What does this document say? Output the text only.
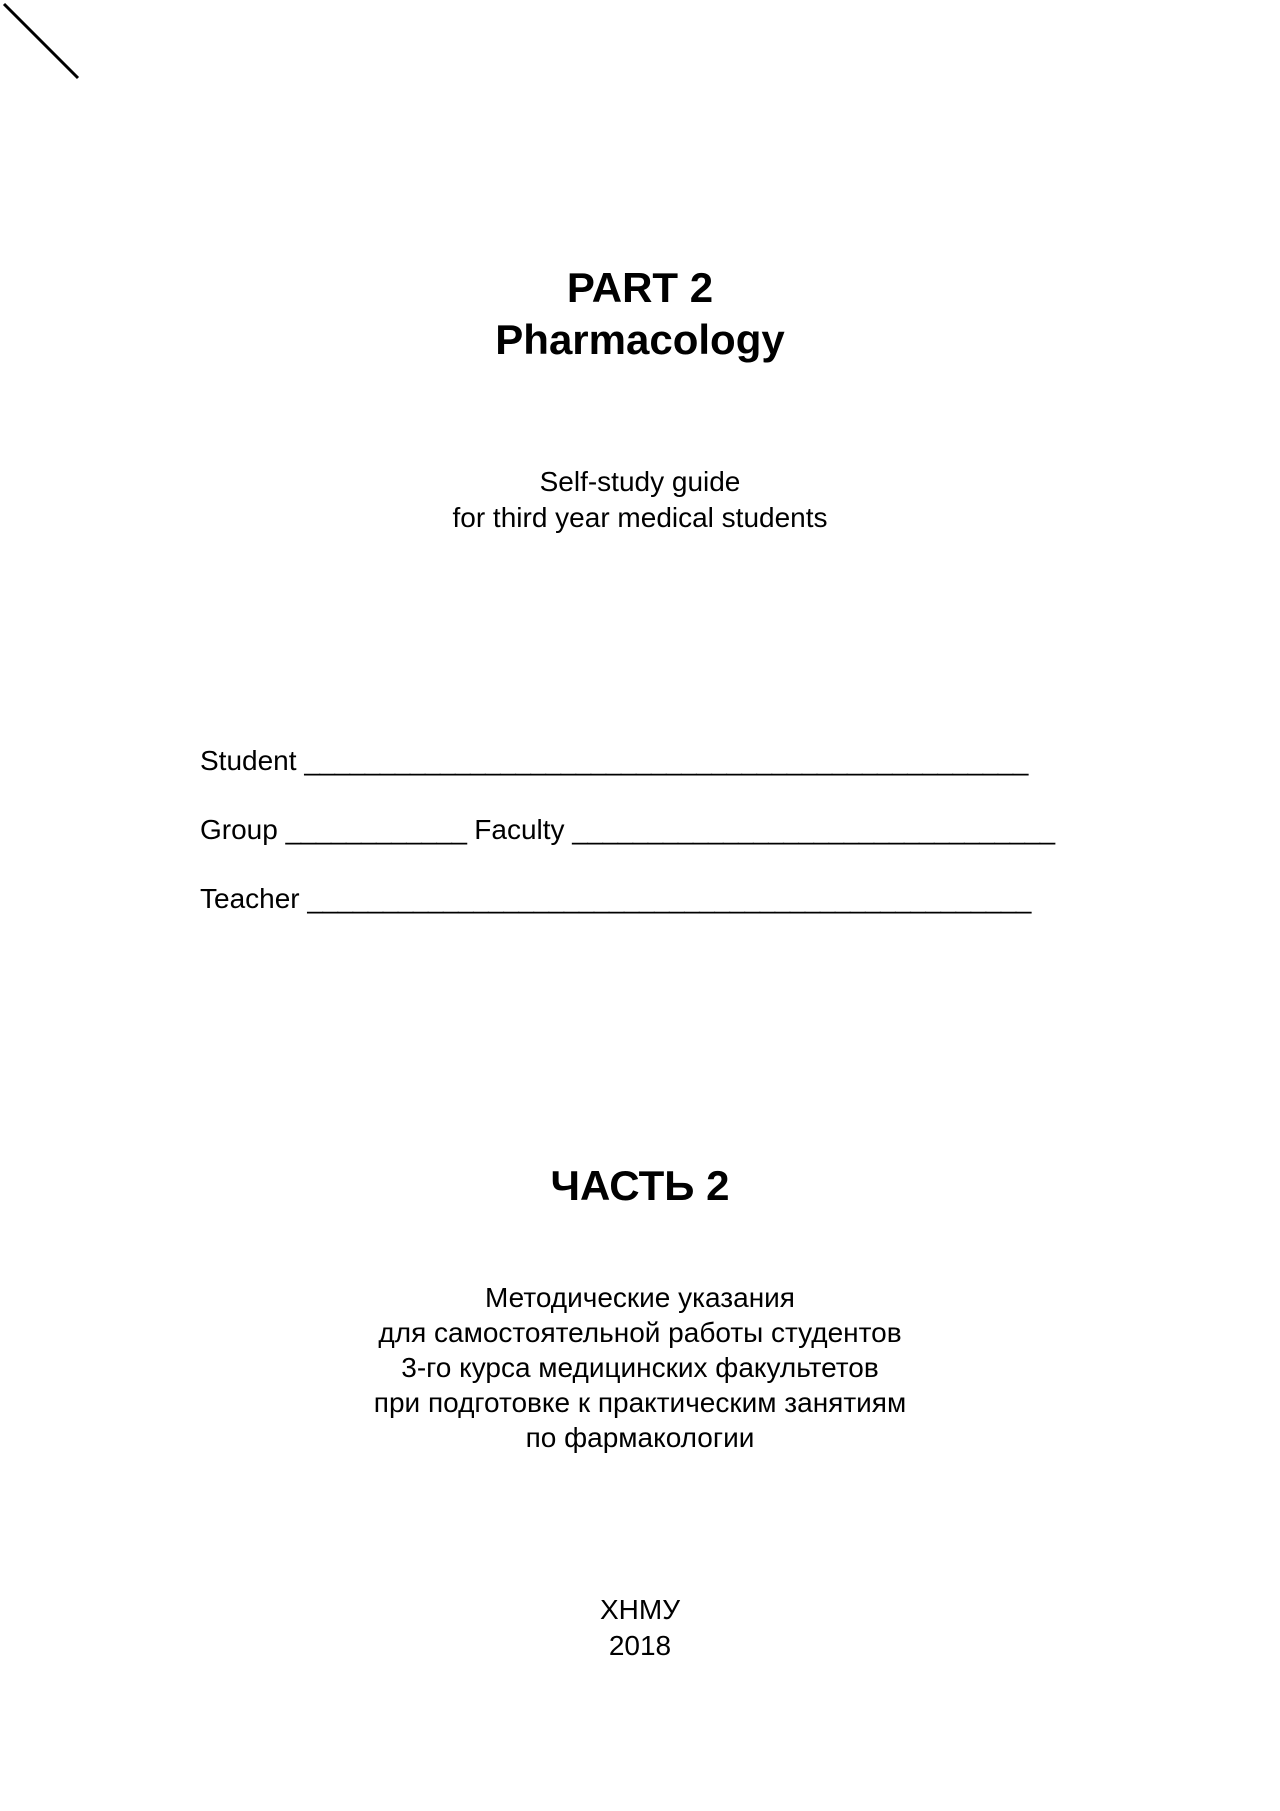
PART 2
Pharmacology
Self-study guide
for third year medical students
Student ________________________________________________
Group ____________ Faculty ________________________________
Teacher ________________________________________________
ЧАСТЬ 2
Методические указания
для самостоятельной работы студентов
3-го курса медицинских факультетов
при подготовке к практическим занятиям
по фармакологии
ХНМУ
2018
